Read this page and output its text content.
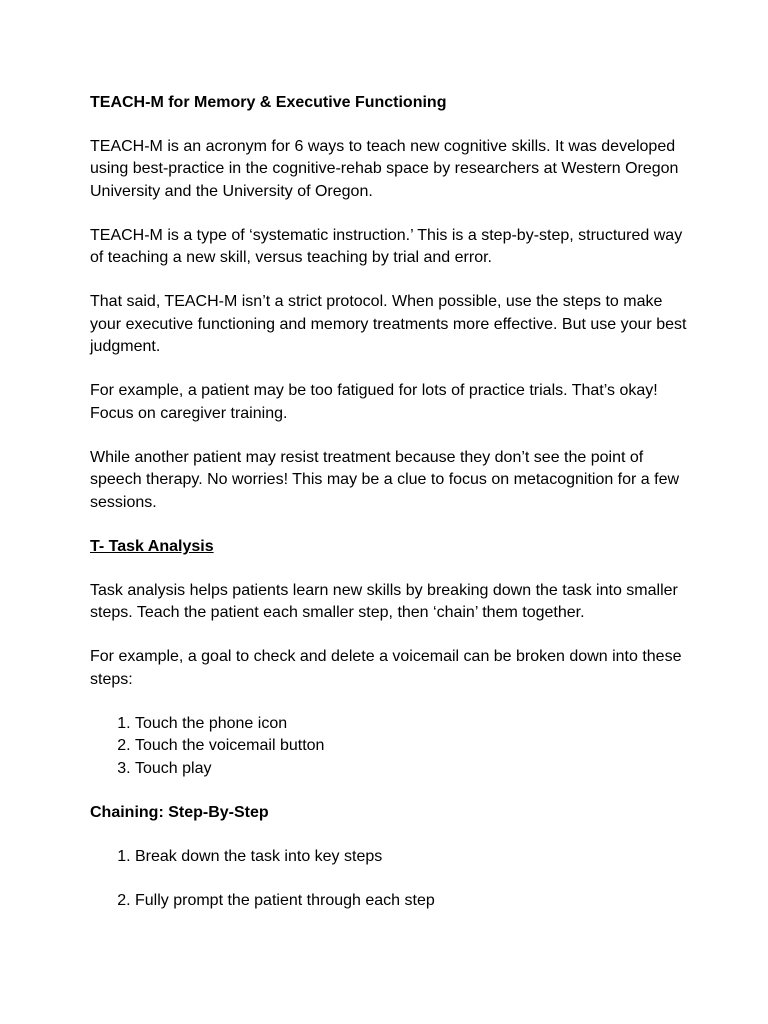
TEACH-M for Memory & Executive Functioning

TEACH-M is an acronym for 6 ways to teach new cognitive skills. It was developed using best-practice in the cognitive-rehab space by researchers at Western Oregon University and the University of Oregon.

TEACH-M is a type of ‘systematic instruction.’ This is a step-by-step, structured way of teaching a new skill, versus teaching by trial and error.

That said, TEACH-M isn’t a strict protocol. When possible, use the steps to make your executive functioning and memory treatments more effective. But use your best judgment.

For example, a patient may be too fatigued for lots of practice trials. That’s okay! Focus on caregiver training.

While another patient may resist treatment because they don’t see the point of speech therapy. No worries! This may be a clue to focus on metacognition for a few sessions.

T- Task Analysis

Task analysis helps patients learn new skills by breaking down the task into smaller steps. Teach the patient each smaller step, then ‘chain’ them together.

For example, a goal to check and delete a voicemail can be broken down into these steps:

1. Touch the phone icon
2. Touch the voicemail button
3. Touch play
Chaining: Step-By-Step
1. Break down the task into key steps
2. Fully prompt the patient through each step
